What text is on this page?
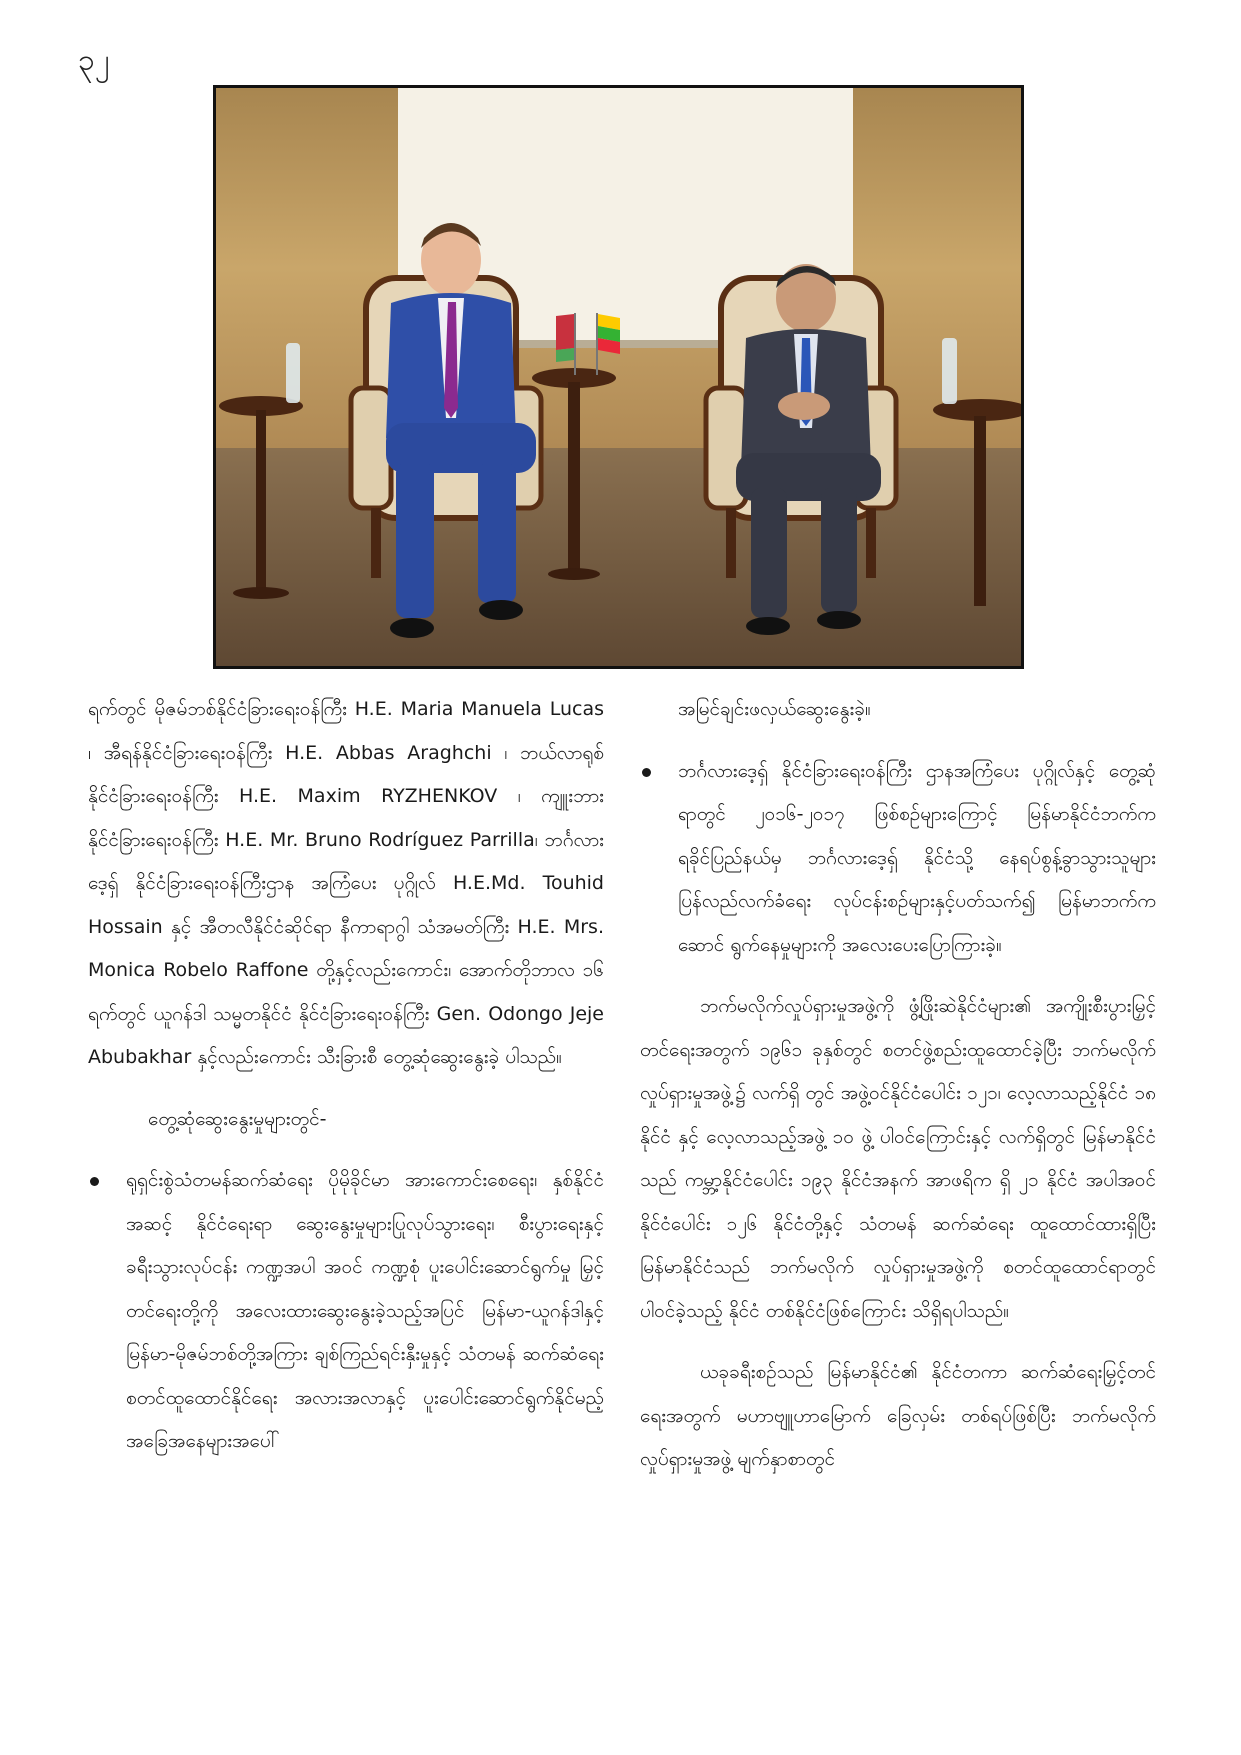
၃၂

ရက်တွင် မိုဇမ်ဘစ်နိုင်ငံခြားရေးဝန်ကြီး H.E. Maria Manuela Lucas ၊ အီရန်နိုင်ငံခြားရေးဝန်ကြီး H.E. Abbas Araghchi ၊ ဘယ်လာရုစ်နိုင်ငံခြားရေးဝန်ကြီး H.E. Maxim RYZHENKOV ၊ ကျူးဘားနိုင်ငံခြားရေးဝန်ကြီး H.E. Mr. Bruno Rodríguez Parrilla၊ ဘင်္ဂလားဒေ့ရှ် နိုင်ငံခြားရေးဝန်ကြီးဌာန အကြံပေး ပုဂ္ဂိုလ် H.E.Md. Touhid Hossain နှင့် အီတလီနိုင်ငံဆိုင်ရာ နီကာရာဂွါ သံအမတ်ကြီး H.E. Mrs. Monica Robelo Raffone တို့နှင့်လည်းကောင်း၊ အောက်တိုဘာလ ၁၆ ရက်တွင် ယူဂန်ဒါ သမ္မတနိုင်ငံ နိုင်ငံခြားရေးဝန်ကြီး Gen. Odongo Jeje Abubakhar နှင့်လည်းကောင်း သီးခြားစီ တွေ့ဆုံဆွေးနွေးခဲ့ ပါသည်။

တွေ့ဆုံဆွေးနွေးမှုများတွင်-

ရုရှင်းစွဲသံတမန်ဆက်ဆံရေး ပိုမိုခိုင်မာ အားကောင်းစေရေး၊ နှစ်နိုင်ငံအဆင့် နိုင်ငံရေးရာ ဆွေးနွေးမှုများပြုလုပ်သွားရေး၊ စီးပွားရေးနှင့် ခရီးသွားလုပ်ငန်း ကဏ္ဍအပါ အဝင် ကဏ္ဍစုံ ပူးပေါင်းဆောင်ရွက်မှု မြှင့်တင်ရေးတို့ကို အလေးထားဆွေးနွေးခဲ့သည့်အပြင် မြန်မာ-ယူဂန်ဒါနှင့် မြန်မာ-မိုဇမ်ဘစ်တို့အကြား ချစ်ကြည်ရင်းနှီးမှုနှင့် သံတမန် ဆက်ဆံရေး စတင်ထူထောင်နိုင်ရေး အလားအလာနှင့် ပူးပေါင်းဆောင်ရွက်နိုင်မည့် အခြေအနေများအပေါ်

အမြင်ချင်းဖလှယ်ဆွေးနွေးခဲ့။

ဘင်္ဂလားဒေ့ရှ် နိုင်ငံခြားရေးဝန်ကြီး ဌာနအကြံပေး ပုဂ္ဂိုလ်နှင့် တွေ့ဆုံရာတွင် ၂၀၁၆-၂၀၁၇ ဖြစ်စဉ်များကြောင့် မြန်မာနိုင်ငံဘက်က ရခိုင်ပြည်နယ်မှ ဘင်္ဂလားဒေ့ရှ် နိုင်ငံသို့ နေရပ်စွန့်ခွာသွားသူများ ပြန်လည်လက်ခံရေး လုပ်ငန်းစဉ်များနှင့်ပတ်သက်၍ မြန်မာဘက်က ဆောင် ရွက်နေမှုများကို အလေးပေးပြောကြားခဲ့။

ဘက်မလိုက်လှုပ်ရှားမှုအဖွဲ့ကို ဖွံ့ဖြိုးဆဲနိုင်ငံများ၏ အကျိုးစီးပွားမြှင့်တင်ရေးအတွက် ၁၉၆၁ ခုနှစ်တွင် စတင်ဖွဲ့စည်းထူထောင်ခဲ့ပြီး ဘက်မလိုက်လှုပ်ရှားမှုအဖွဲ့၌ လက်ရှိ တွင် အဖွဲ့ဝင်နိုင်ငံပေါင်း ၁၂၁၊ လေ့လာသည့်နိုင်ငံ ၁၈ နိုင်ငံ နှင့် လေ့လာသည့်အဖွဲ့ ၁၀ ဖွဲ့ ပါဝင်ကြောင်းနှင့် လက်ရှိတွင် မြန်မာနိုင်ငံသည် ကမ္ဘာ့နိုင်ငံပေါင်း ၁၉၃ နိုင်ငံအနက် အာဖရိက ရှိ ၂၁ နိုင်ငံ အပါအဝင် နိုင်ငံပေါင်း ၁၂၆ နိုင်ငံတို့နှင့် သံတမန် ဆက်ဆံရေး ထူထောင်ထားရှိပြီး မြန်မာနိုင်ငံသည် ဘက်မလိုက် လှုပ်ရှားမှုအဖွဲ့ကို စတင်ထူထောင်ရာတွင် ပါဝင်ခဲ့သည့် နိုင်ငံ တစ်နိုင်ငံဖြစ်ကြောင်း သိရှိရပါသည်။

ယခုခရီးစဉ်သည် မြန်မာနိုင်ငံ၏ နိုင်ငံတကာ ဆက်ဆံရေးမြှင့်တင်ရေးအတွက် မဟာဗျူဟာမြောက် ခြေလှမ်း တစ်ရပ်ဖြစ်ပြီး ဘက်မလိုက်လှုပ်ရှားမှုအဖွဲ့ မျက်နှာစာတွင်
